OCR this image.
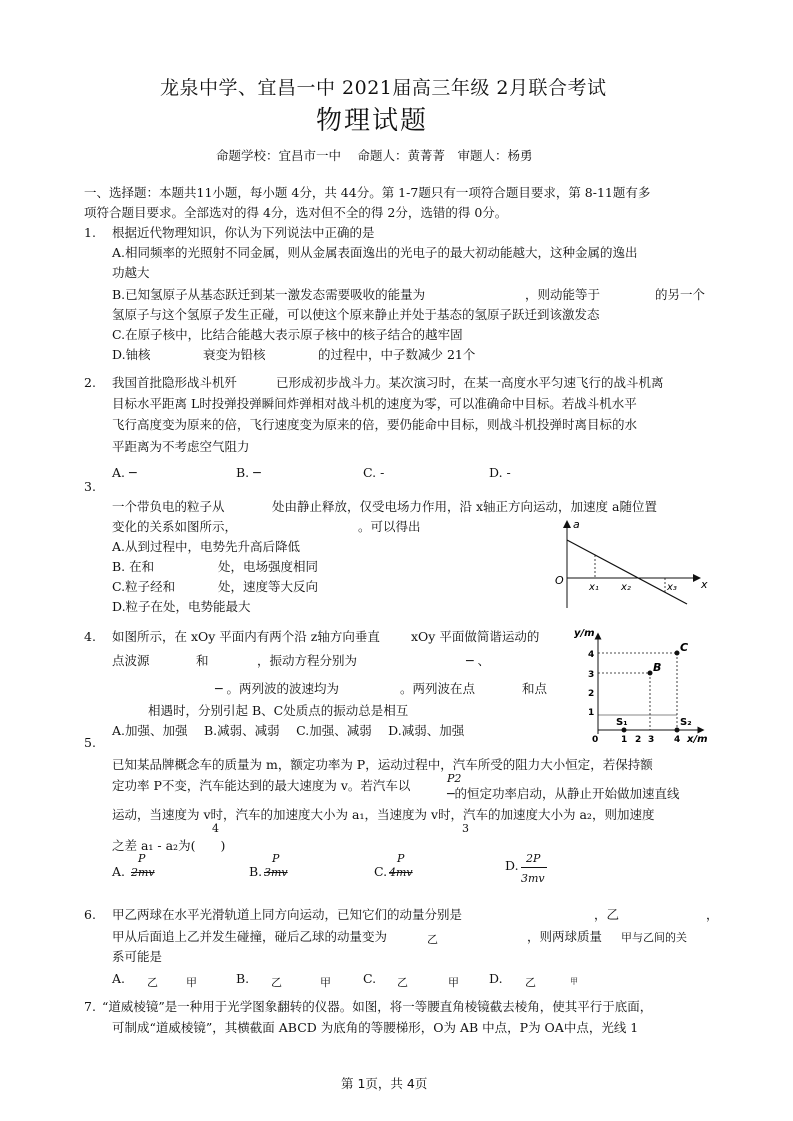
龙泉中学、宜昌一中 2021届高三年级 2月联合考试
物理试题
命题学校：宜昌市一中　 命题人：黄菁菁　审题人：杨勇
一、选择题：本题共11小题，每小题 4分，共 44分。第 1-7题只有一项符合题目要求，第 8-11题有多
项符合题目要求。全部选对的得 4分，选对但不全的得 2分，选错的得 0分。
1. 根据近代物理知识，你认为下列说法中正确的是
A.相同频率的光照射不同金属，则从金属表面逸出的光电子的最大初动能越大，这种金属的逸出
功越大
B.已知氢原子从基态跃迁到某一激发态需要吸收的能量为	，则动能等于	的另一个
氢原子与这个氢原子发生正碰，可以使这个原来静止并处于基态的氢原子跃迁到该激发态
C.在原子核中，比结合能越大表示原子核中的核子结合的越牢固
D.铀核	衰变为铅核	的过程中，中子数减少 21个
2. 我国首批隐形战斗机歼	已形成初步战斗力。某次演习时，在某一高度水平匀速飞行的战斗机离
目标水平距离 L时投弹投弹瞬间炸弹相对战斗机的速度为零，可以准确命中目标。若战斗机水平
飞行高度变为原来的倍，飞行速度变为原来的倍，要仍能命中目标，则战斗机投弹时离目标的水
平距离为不考虑空气阻力
A. ─	B. ─	C. -	D. -
3.
一个带负电的粒子从	处由静止释放，仅受电场力作用，沿 x轴正方向运动，加速度 a随位置
变化的关系如图所示，	。可以得出
A.从到过程中，电势先升高后降低
B. 在和	处，电场强度相同
C.粒子经和	处，速度等大反向
D.粒子在处，电势能最大
a
x
O
x₁ x₂	x₃
4. 如图所示，在 xOy 平面内有两个沿 z轴方向垂直 xOy 平面做简谐运动的
点波源	和	，振动方程分别为	─ 、
─ 。两列波的波速均为	。两列波在点	和点
相遇时，分别引起 B、C处质点的振动总是相互
A.加强、加强　 B.减弱、减弱　 C.加强、减弱　 D.减弱、加强
y/m
x/m
0
4
3
2
1
1 2 3 4
B
C
S₁	S₂
5.
已知某品牌概念车的质量为 m，额定功率为 P，运动过程中，汽车所受的阻力大小恒定，若保持额
定功率 P不变，汽车能达到的最大速度为 v。若汽车以	P2
─的恒定功率启动，从静止开始做加速直线
运动，当速度为 v时，汽车的加速度大小为 a₁，当速度为 v时，汽车的加速度大小为 a₂，则加速度
4	3
之差 a₁ - a₂为(　　)
A.
P
2mv	B.
P
3mv	C.
P
4mv	D. 2P
3mv
6. 甲乙两球在水平光滑轨道上同方向运动，已知它们的动量分别是	，乙	，
甲从后面追上乙并发生碰撞，碰后乙球的动量变为	乙	，则两球质量 甲与乙间的关
系可能是
A. 乙	甲	B. 乙	甲	C. 乙	甲 D. 乙	甲
7. “道威棱镜”是一种用于光学图象翻转的仪器。如图，将一等腰直角棱镜截去棱角，使其平行于底面，
可制成“道威棱镜”，其横截面 ABCD 为底角的等腰梯形，O为 AB 中点，P为 OA中点，光线 1
第 1页，共 4页
